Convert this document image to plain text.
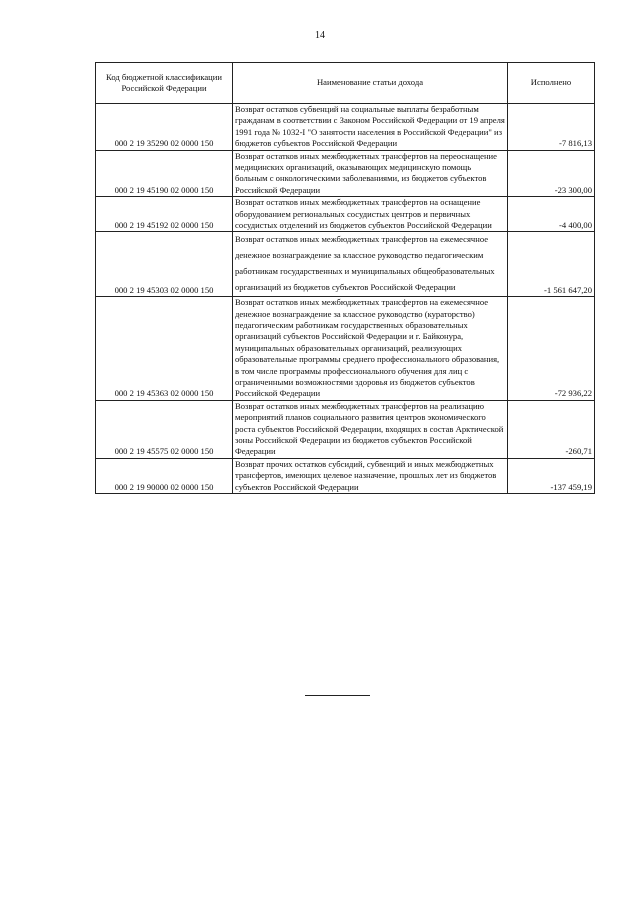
14
Код бюджетной классификации Российской Федерации	Наименование статьи дохода	Исполнено
000 2 19 35290 02 0000 150	Возврат остатков субвенций на социальные выплаты безработным гражданам в соответствии с Законом Российской Федерации от 19 апреля 1991 года № 1032-I "О занятости населения в Российской Федерации" из бюджетов субъектов Российской Федерации	-7 816,13
000 2 19 45190 02 0000 150	Возврат остатков иных межбюджетных трансфертов на переоснащение медицинских организаций, оказывающих медицинскую помощь больным с онкологическими заболеваниями, из бюджетов субъектов Российской Федерации	-23 300,00
000 2 19 45192 02 0000 150	Возврат остатков иных межбюджетных трансфертов на оснащение оборудованием региональных сосудистых центров и первичных сосудистых отделений из бюджетов субъектов Российской Федерации	-4 400,00
000 2 19 45303 02 0000 150	Возврат остатков иных межбюджетных трансфертов на ежемесячное денежное вознаграждение за классное руководство педагогическим работникам государственных и муниципальных общеобразовательных организаций из бюджетов субъектов Российской Федерации	-1 561 647,20
000 2 19 45363 02 0000 150	Возврат остатков иных межбюджетных трансфертов на ежемесячное денежное вознаграждение за классное руководство (кураторство) педагогическим работникам государственных образовательных организаций субъектов Российской Федерации и г. Байконура, муниципальных образовательных организаций, реализующих образовательные программы среднего профессионального образования, в том числе программы профессионального обучения для лиц с ограниченными возможностями здоровья из бюджетов субъектов Российской Федерации	-72 936,22
000 2 19 45575 02 0000 150	Возврат остатков иных межбюджетных трансфертов на реализацию мероприятий планов социального развития центров экономического роста субъектов Российской Федерации, входящих в состав Арктической зоны Российской Федерации из бюджетов субъектов Российской Федерации	-260,71
000 2 19 90000 02 0000 150	Возврат прочих остатков субсидий, субвенций и иных межбюджетных трансфертов, имеющих целевое назначение, прошлых лет из бюджетов субъектов Российской Федерации	-137 459,19
